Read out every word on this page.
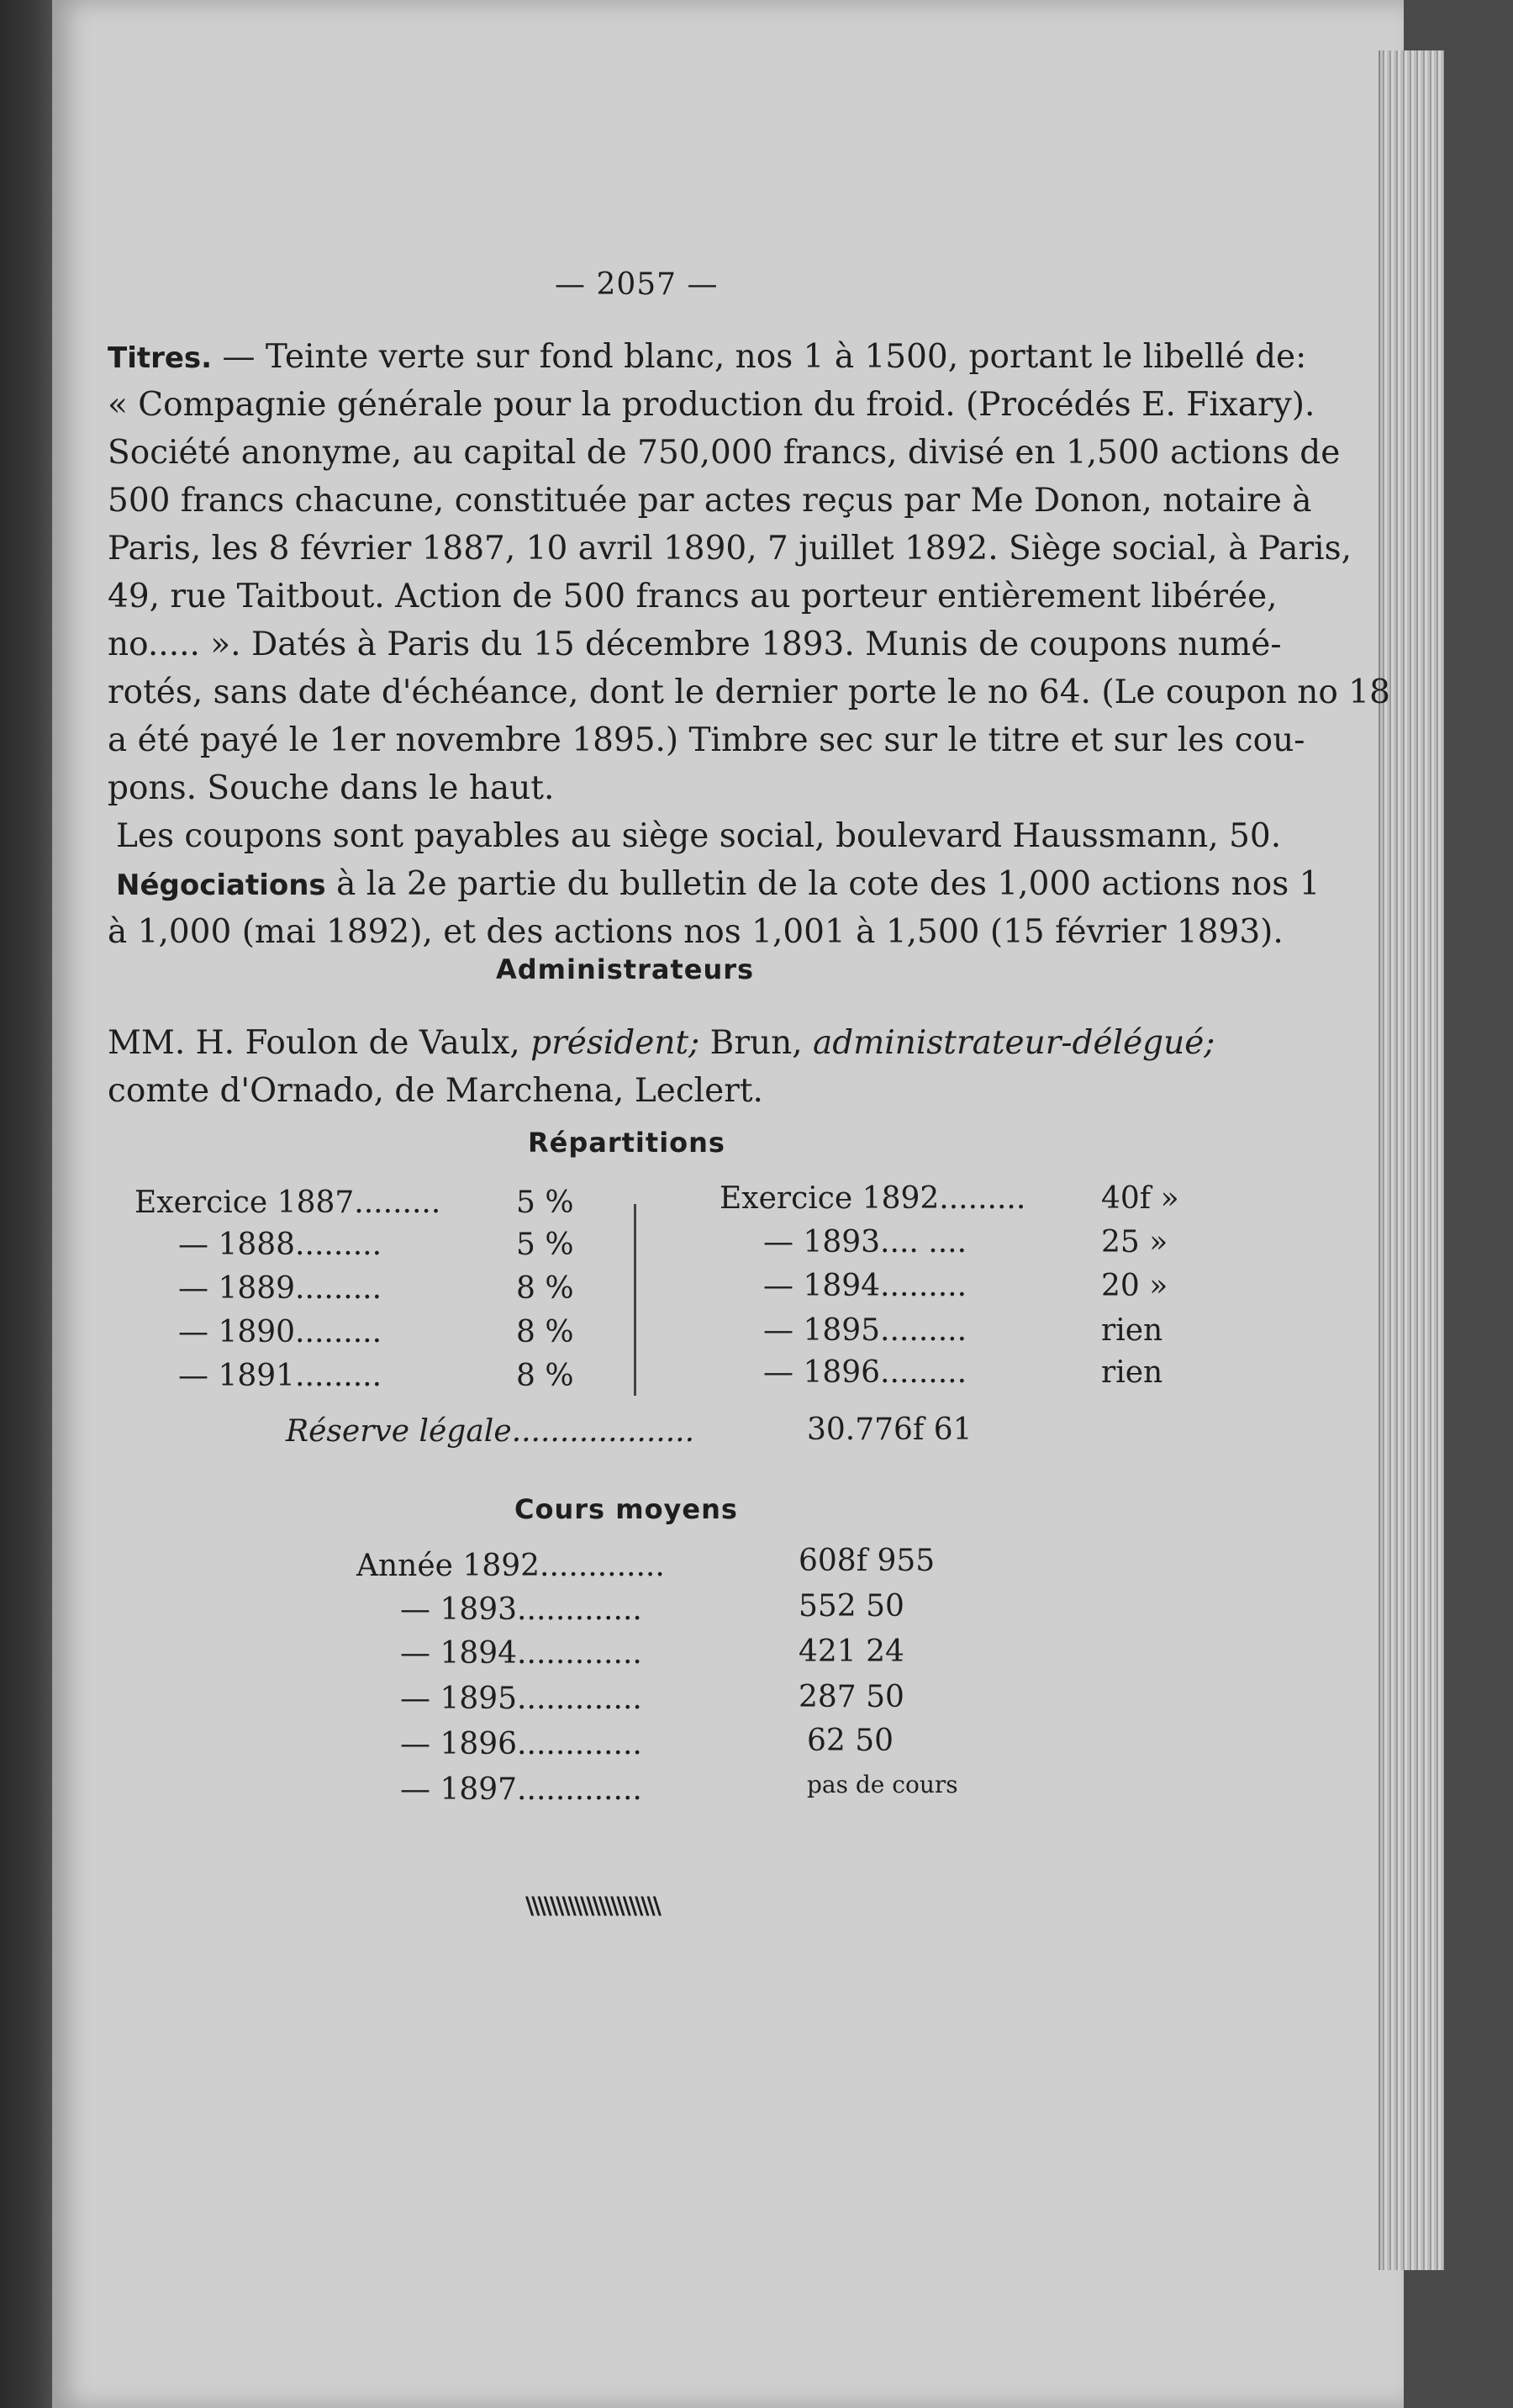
— 2057 —
Titres. — Teinte verte sur fond blanc, nos 1 à 1500, portant le libellé de:
« Compagnie générale pour la production du froid. (Procédés E. Fixary).
Société anonyme, au capital de 750,000 francs, divisé en 1,500 actions de
500 francs chacune, constituée par actes reçus par Me Donon, notaire à
Paris, les 8 février 1887, 10 avril 1890, 7 juillet 1892. Siège social, à Paris,
49, rue Taitbout. Action de 500 francs au porteur entièrement libérée,
no..... ». Datés à Paris du 15 décembre 1893. Munis de coupons numé-
rotés, sans date d'échéance, dont le dernier porte le no 64. (Le coupon no 18
a été payé le 1er novembre 1895.) Timbre sec sur le titre et sur les cou-
pons. Souche dans le haut.
Les coupons sont payables au siège social, boulevard Haussmann, 50.
Négociations à la 2e partie du bulletin de la cote des 1,000 actions nos 1
à 1,000 (mai 1892), et des actions nos 1,001 à 1,500 (15 février 1893).
Administrateurs
MM. H. Foulon de Vaulx, président; Brun, administrateur-délégué;
comte d'Ornado, de Marchena, Leclert.
Répartitions
Exercice 1887......... 5 %
— 1888.........	5 %
— 1889.........	8 %
— 1890.........	8 %
— 1891.........	8 %
Exercice 1892......... 40f »
— 1893.... ....	25 »
— 1894.........	20 »
— 1895.........	rien
— 1896.........	rien
Réserve légale...................	30.776f 61
Cours moyens
Année 1892.............	608f 955
— 1893.............	552 50
— 1894.............	421 24
— 1895.............	287 50
— 1896.............	62 50
— 1897.............	pas de cours
\\\\\\\\\\\\\\\\\\\\\\
